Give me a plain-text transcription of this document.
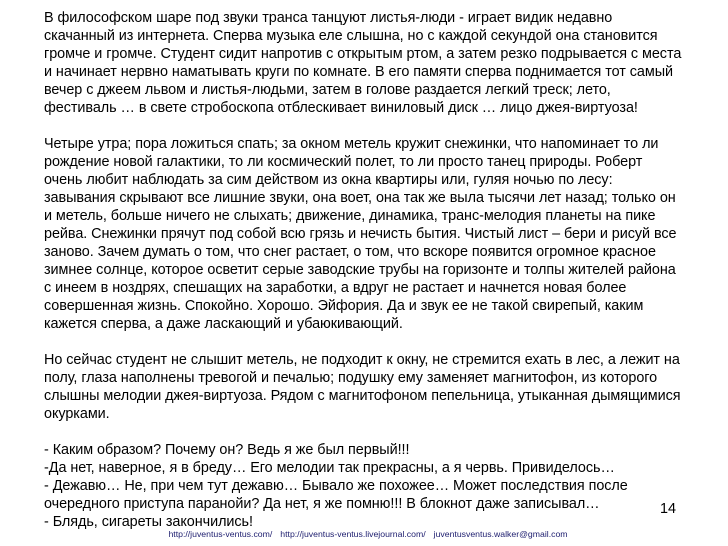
В философском шаре под звуки транса танцуют листья-люди - играет видик недавно
скачанный из интернета. Сперва музыка еле слышна, но с каждой секундой она становится
громче и громче. Студент сидит напротив с открытым ртом, а затем резко подрывается с места
и начинает нервно наматывать круги по комнате. В его памяти сперва поднимается тот самый
вечер с джеем львом и листья-людьми, затем в голове раздается легкий треск; лето,
фестиваль … в свете стробоскопа отблескивает виниловый диск … лицо джея-виртуоза!
Четыре утра; пора ложиться спать; за окном метель кружит снежинки, что напоминает то ли
рождение новой галактики, то ли космический полет, то ли просто танец природы. Роберт
очень любит наблюдать за сим действом из окна квартиры или, гуляя ночью по лесу:
завывания скрывают все лишние звуки, она воет, она так же выла тысячи лет назад; только он
и метель, больше ничего не слыхать; движение, динамика, транс-мелодия планеты на пике
рейва. Снежинки прячут под собой всю грязь и нечисть бытия. Чистый лист – бери и рисуй все
заново. Зачем думать о том, что снег растает, о том, что вскоре появится огромное красное
зимнее солнце, которое осветит серые заводские трубы на горизонте и толпы жителей района
с инеем в ноздрях, спешащих на заработки, а вдруг не растает и начнется новая более
совершенная жизнь. Спокойно. Хорошо. Эйфория. Да и звук ее не такой свирепый, каким
кажется сперва, а даже ласкающий и убаюкивающий.
Но сейчас студент не слышит метель, не подходит к окну, не стремится ехать в лес, а лежит на
полу, глаза наполнены тревогой и печалью; подушку ему заменяет магнитофон, из которого
слышны мелодии джея-виртуоза. Рядом с магнитофоном пепельница, утыканная дымящимися
окурками.
- Каким образом? Почему он? Ведь я же был первый!!!
-Да нет, наверное, я в бреду… Его мелодии так прекрасны, а я червь. Привиделось…
- Дежавю… Не, при чем тут дежавю… Бывало же похожее… Может последствия после
очередного приступа паранойи? Да нет, я же помню!!! В блокнот даже записывал…
- Блядь, сигареты закончились!
14
http://juventus-ventus.com/ http://juventus-ventus.livejournal.com/ juventusventus.walker@gmail.com
